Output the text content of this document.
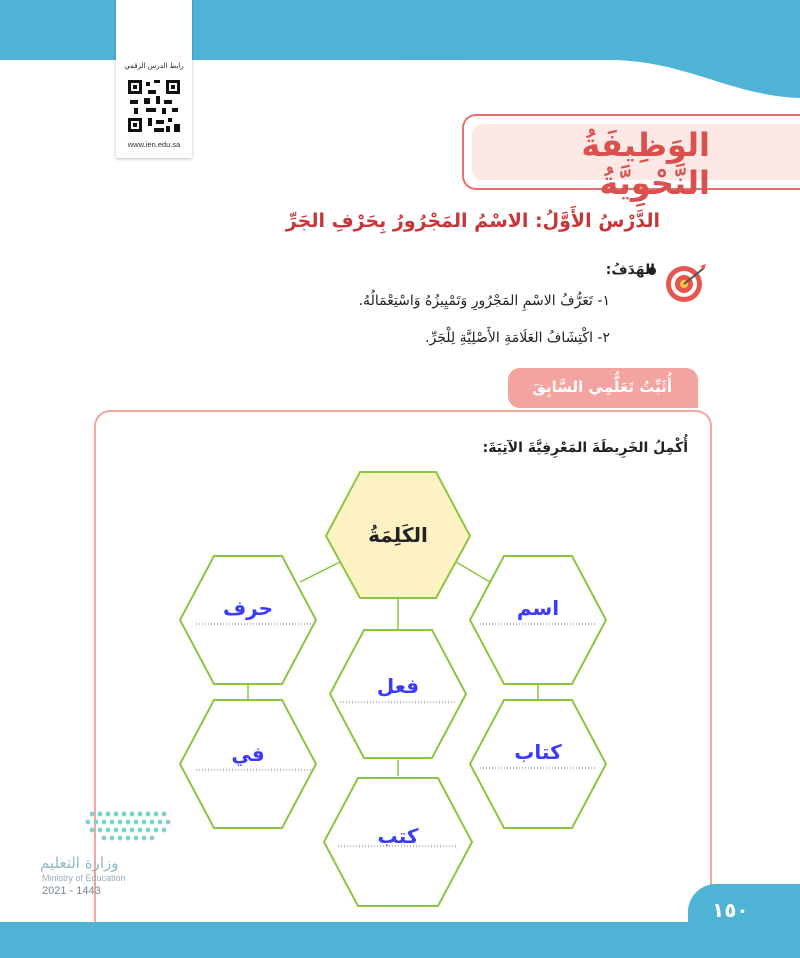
رابط الدرس الرقمي
www.ien.edu.sa	الوَظِيفَةُ النَّحْوِيَّةُ
الدَّرْسُ الأَوَّلُ: الاسْمُ المَجْرُورُ بِحَرْفِ الجَرِّ
الهَدَفُ:
١- تَعَرُّفُ الاسْمِ المَجْرُورِ وَتَمْيِيزُهُ وَاسْتِعْمَالُهُ.
٢- اكْتِشَافُ العَلَامَةِ الأَصْلِيَّةِ لِلْجَرِّ.
أُثَبِّتُ تَعَلُّمِي السَّابِقَ
أُكْمِلُ الخَرِيطَةَ المَعْرِفِيَّةَ الآتِيَةَ:
الكَلِمَةُ
حرف	اسم
فعل
في	كتاب
كتب
وزارة التعليم
Ministry of Education
2021 - 1443
١٥٠
